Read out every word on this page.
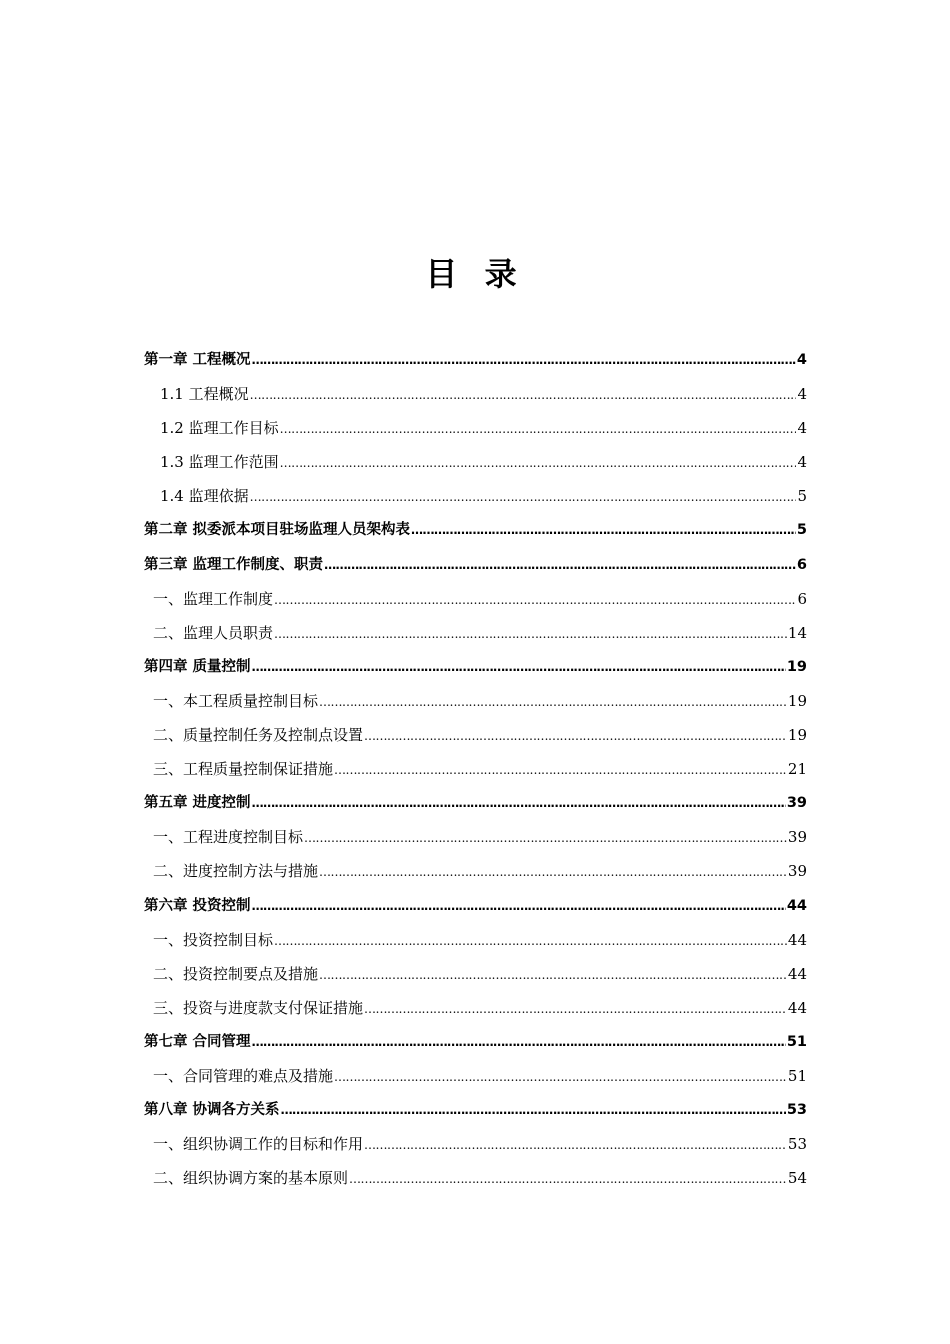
目 录
第一章 工程概况 ………………………………………………………………………………………………………………………………………………………………………………………………	4
1.1 工程概况 ………………………………………………………………………………………………………………………………………………………………………………………………	4
1.2 监理工作目标 ………………………………………………………………………………………………………………………………………………………………………………………………	4
1.3 监理工作范围 ………………………………………………………………………………………………………………………………………………………………………………………………	4
1.4 监理依据 ………………………………………………………………………………………………………………………………………………………………………………………………	5
第二章 拟委派本项目驻场监理人员架构表 ………………………………………………………………………………………………………………………………………………………………………………………………	5
第三章 监理工作制度、职责 ………………………………………………………………………………………………………………………………………………………………………………………………	6
一、监理工作制度 ………………………………………………………………………………………………………………………………………………………………………………………………	6
二、监理人员职责 ………………………………………………………………………………………………………………………………………………………………………………………………	14
第四章 质量控制 ………………………………………………………………………………………………………………………………………………………………………………………………	19
一、本工程质量控制目标 ………………………………………………………………………………………………………………………………………………………………………………………………	19
二、质量控制任务及控制点设置 ………………………………………………………………………………………………………………………………………………………………………………………………	19
三、工程质量控制保证措施 ………………………………………………………………………………………………………………………………………………………………………………………………	21
第五章 进度控制 ………………………………………………………………………………………………………………………………………………………………………………………………	39
一、工程进度控制目标 ………………………………………………………………………………………………………………………………………………………………………………………………	39
二、进度控制方法与措施 ………………………………………………………………………………………………………………………………………………………………………………………………	39
第六章 投资控制 ………………………………………………………………………………………………………………………………………………………………………………………………	44
一、投资控制目标 ………………………………………………………………………………………………………………………………………………………………………………………………	44
二、投资控制要点及措施 ………………………………………………………………………………………………………………………………………………………………………………………………	44
三、投资与进度款支付保证措施 ………………………………………………………………………………………………………………………………………………………………………………………………	44
第七章 合同管理 ………………………………………………………………………………………………………………………………………………………………………………………………	51
一、合同管理的难点及措施 ………………………………………………………………………………………………………………………………………………………………………………………………	51
第八章 协调各方关系 ………………………………………………………………………………………………………………………………………………………………………………………………	53
一、组织协调工作的目标和作用 ………………………………………………………………………………………………………………………………………………………………………………………………	53
二、组织协调方案的基本原则 ………………………………………………………………………………………………………………………………………………………………………………………………	54
